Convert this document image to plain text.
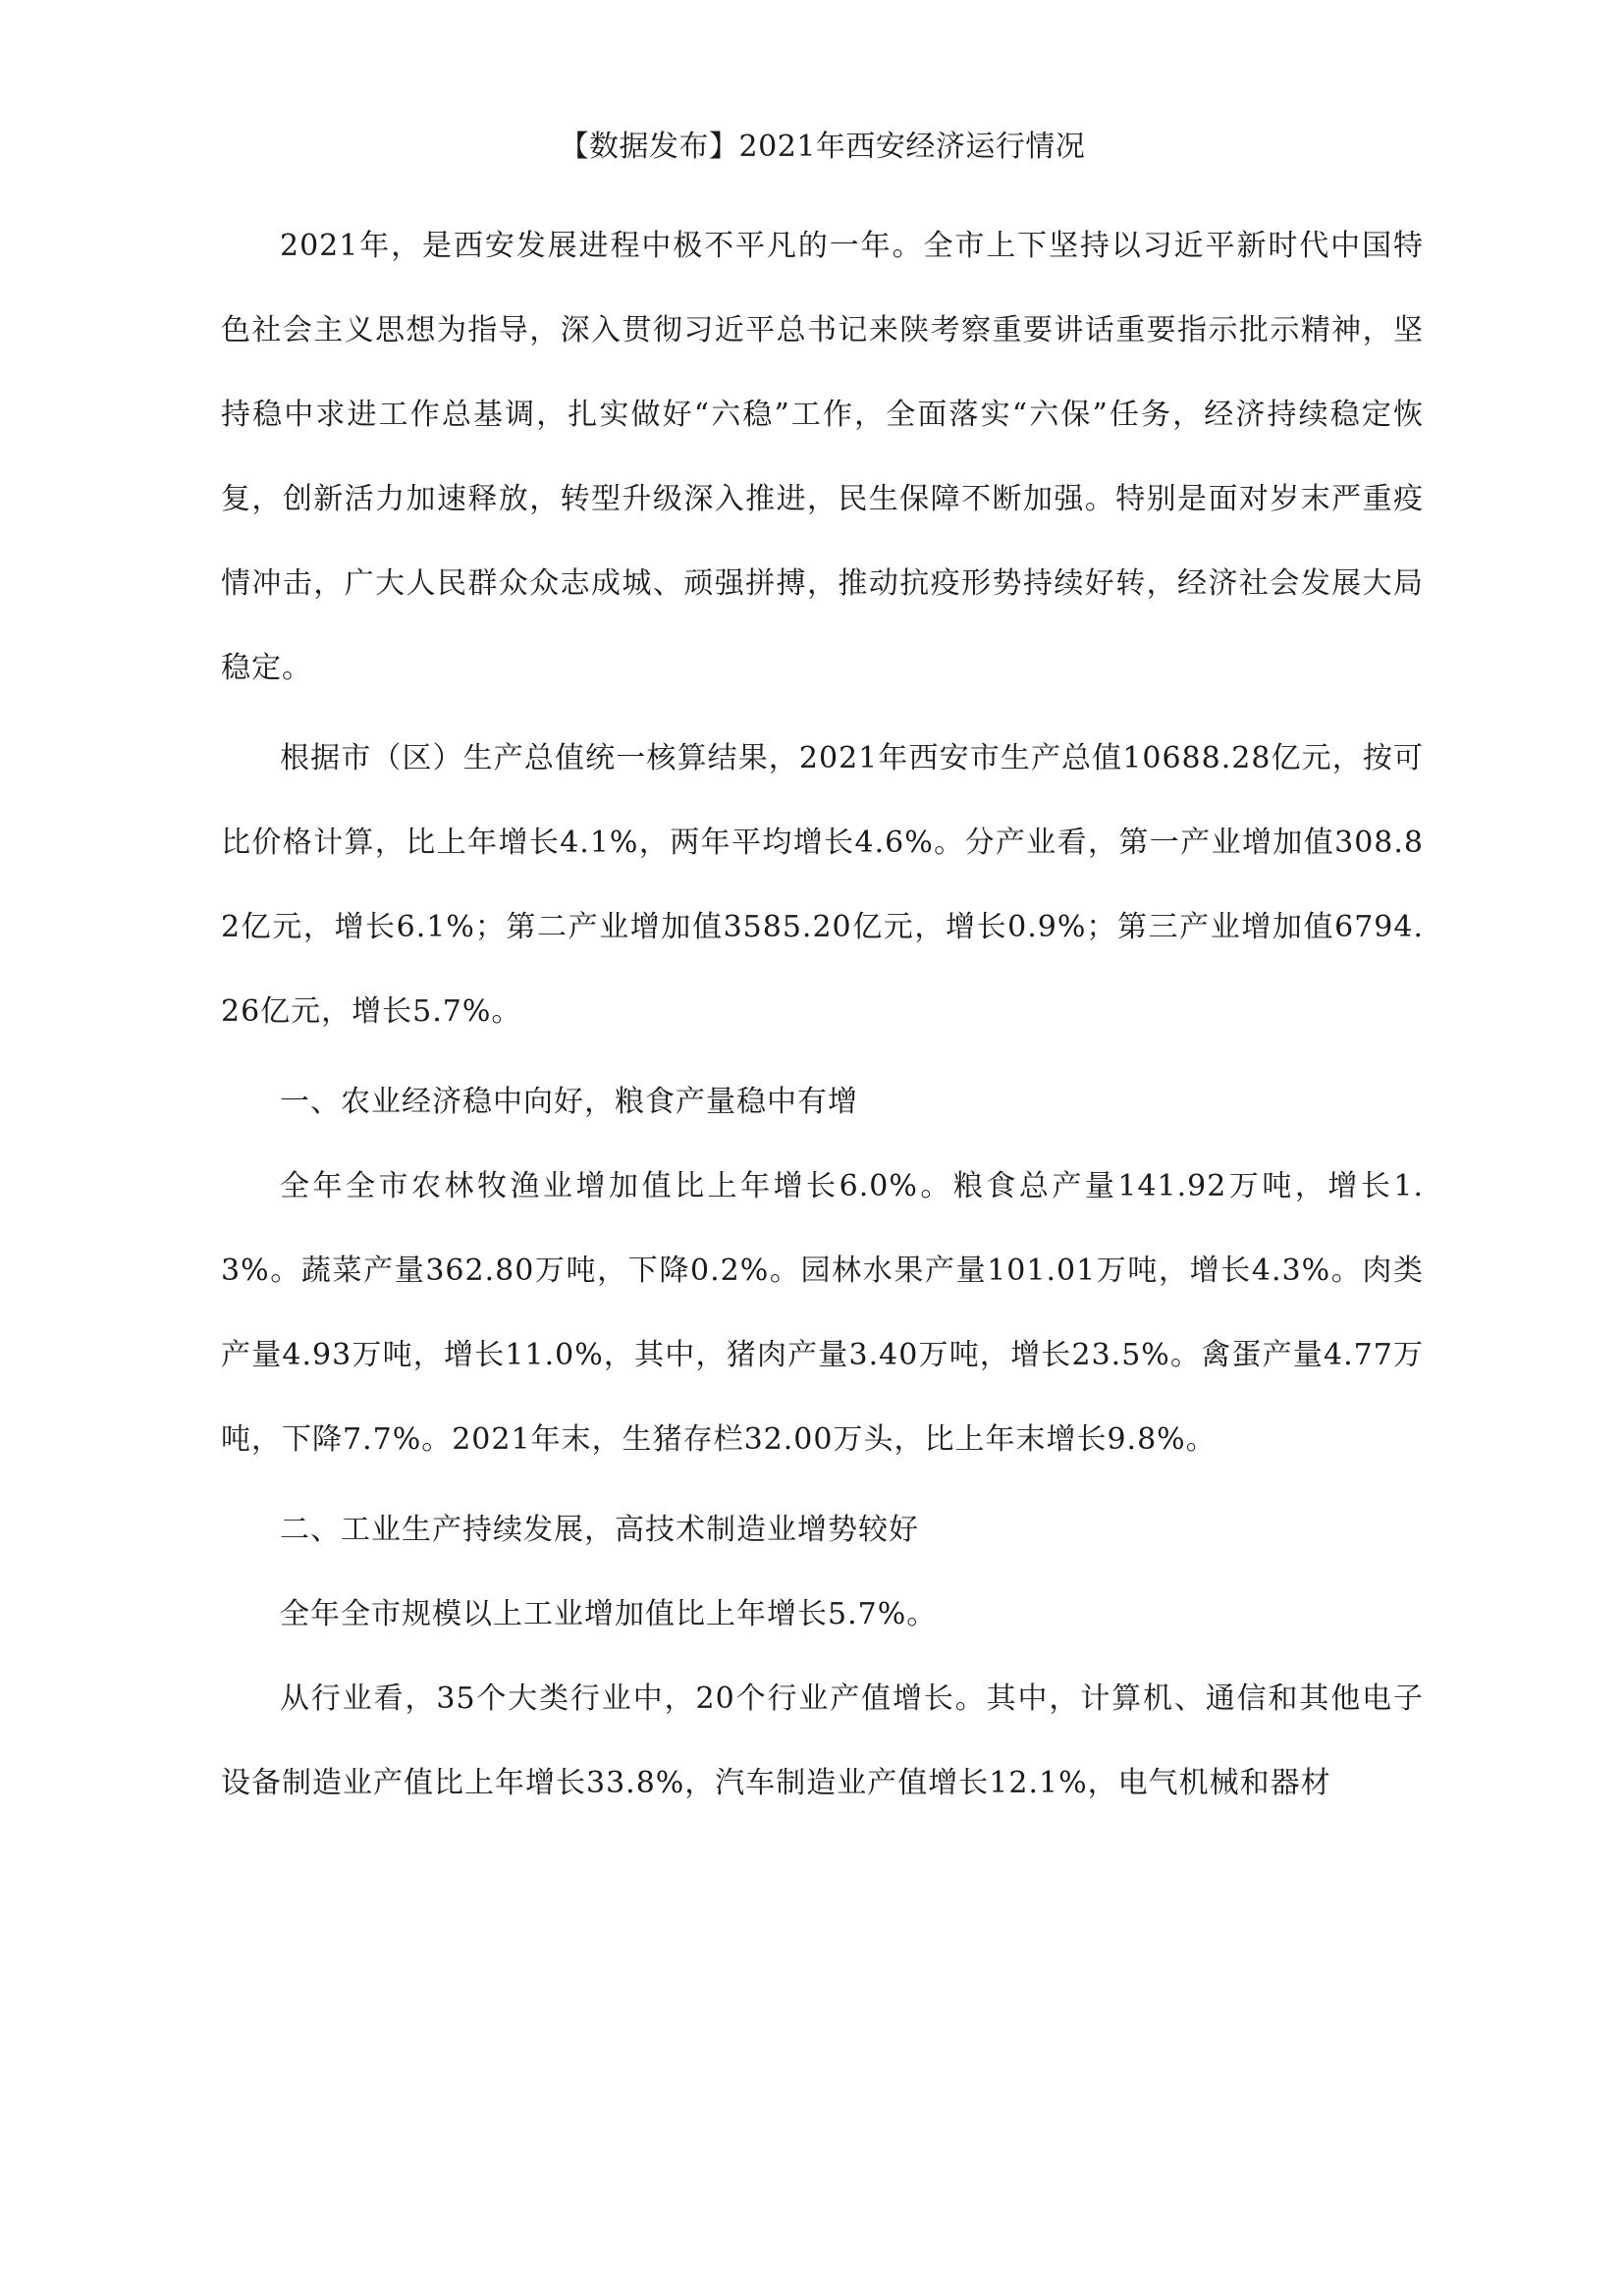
【数据发布】2021年西安经济运行情况

2021年，是西安发展进程中极不平凡的一年。全市上下坚持以习近平新时代中国特色社会主义思想为指导，深入贯彻习近平总书记来陕考察重要讲话重要指示批示精神，坚持稳中求进工作总基调，扎实做好“六稳”工作，全面落实“六保”任务，经济持续稳定恢复，创新活力加速释放，转型升级深入推进，民生保障不断加强。特别是面对岁末严重疫情冲击，广大人民群众众志成城、顽强拼搏，推动抗疫形势持续好转，经济社会发展大局稳定。

根据市（区）生产总值统一核算结果，2021年西安市生产总值10688.28亿元，按可比价格计算，比上年增长4.1%，两年平均增长4.6%。分产业看，第一产业增加值308.82亿元，增长6.1%；第二产业增加值3585.20亿元，增长0.9%；第三产业增加值6794.26亿元，增长5.7%。

一、农业经济稳中向好，粮食产量稳中有增

全年全市农林牧渔业增加值比上年增长6.0%。粮食总产量141.92万吨，增长1.3%。蔬菜产量362.80万吨，下降0.2%。园林水果产量101.01万吨，增长4.3%。肉类产量4.93万吨，增长11.0%，其中，猪肉产量3.40万吨，增长23.5%。禽蛋产量4.77万吨，下降7.7%。2021年末，生猪存栏32.00万头，比上年末增长9.8%。

二、工业生产持续发展，高技术制造业增势较好

全年全市规模以上工业增加值比上年增长5.7%。

从行业看，35个大类行业中，20个行业产值增长。其中，计算机、通信和其他电子设备制造业产值比上年增长33.8%，汽车制造业产值增长12.1%，电气机械和器材
